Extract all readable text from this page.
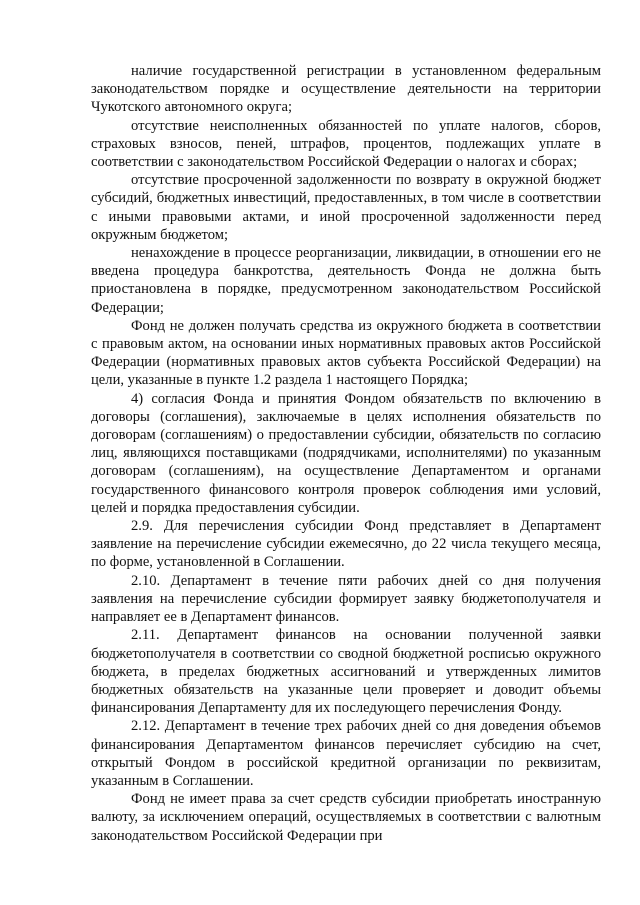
наличие государственной регистрации в установленном федеральным законодательством порядке и осуществление деятельности на территории Чукотского автономного округа;

отсутствие неисполненных обязанностей по уплате налогов, сборов, страховых взносов, пеней, штрафов, процентов, подлежащих уплате в соответствии с законодательством Российской Федерации о налогах и сборах;

отсутствие просроченной задолженности по возврату в окружной бюджет субсидий, бюджетных инвестиций, предоставленных, в том числе в соответствии с иными правовыми актами, и иной просроченной задолженности перед окружным бюджетом;

ненахождение в процессе реорганизации, ликвидации, в отношении его не введена процедура банкротства, деятельность Фонда не должна быть приостановлена в порядке, предусмотренном законодательством Российской Федерации;

Фонд не должен получать средства из окружного бюджета в соответствии с правовым актом, на основании иных нормативных правовых актов Российской Федерации (нормативных правовых актов субъекта Российской Федерации) на цели, указанные в пункте 1.2 раздела 1 настоящего Порядка;

4) согласия Фонда и принятия Фондом обязательств по включению в договоры (соглашения), заключаемые в целях исполнения обязательств по договорам (соглашениям) о предоставлении субсидии, обязательств по согласию лиц, являющихся поставщиками (подрядчиками, исполнителями) по указанным договорам (соглашениям), на осуществление Департаментом и органами государственного финансового контроля проверок соблюдения ими условий, целей и порядка предоставления субсидии.

2.9. Для перечисления субсидии Фонд представляет в Департамент заявление на перечисление субсидии ежемесячно, до 22 числа текущего месяца, по форме, установленной в Соглашении.

2.10. Департамент в течение пяти рабочих дней со дня получения заявления на перечисление субсидии формирует заявку бюджетополучателя и направляет ее в Департамент финансов.

2.11. Департамент финансов на основании полученной заявки бюджетополучателя в соответствии со сводной бюджетной росписью окружного бюджета, в пределах бюджетных ассигнований и утвержденных лимитов бюджетных обязательств на указанные цели проверяет и доводит объемы финансирования Департаменту для их последующего перечисления Фонду.

2.12. Департамент в течение трех рабочих дней со дня доведения объемов финансирования Департаментом финансов перечисляет субсидию на счет, открытый Фондом в российской кредитной организации по реквизитам, указанным в Соглашении.

Фонд не имеет права за счет средств субсидии приобретать иностранную валюту, за исключением операций, осуществляемых в соответствии с валютным законодательством Российской Федерации при
